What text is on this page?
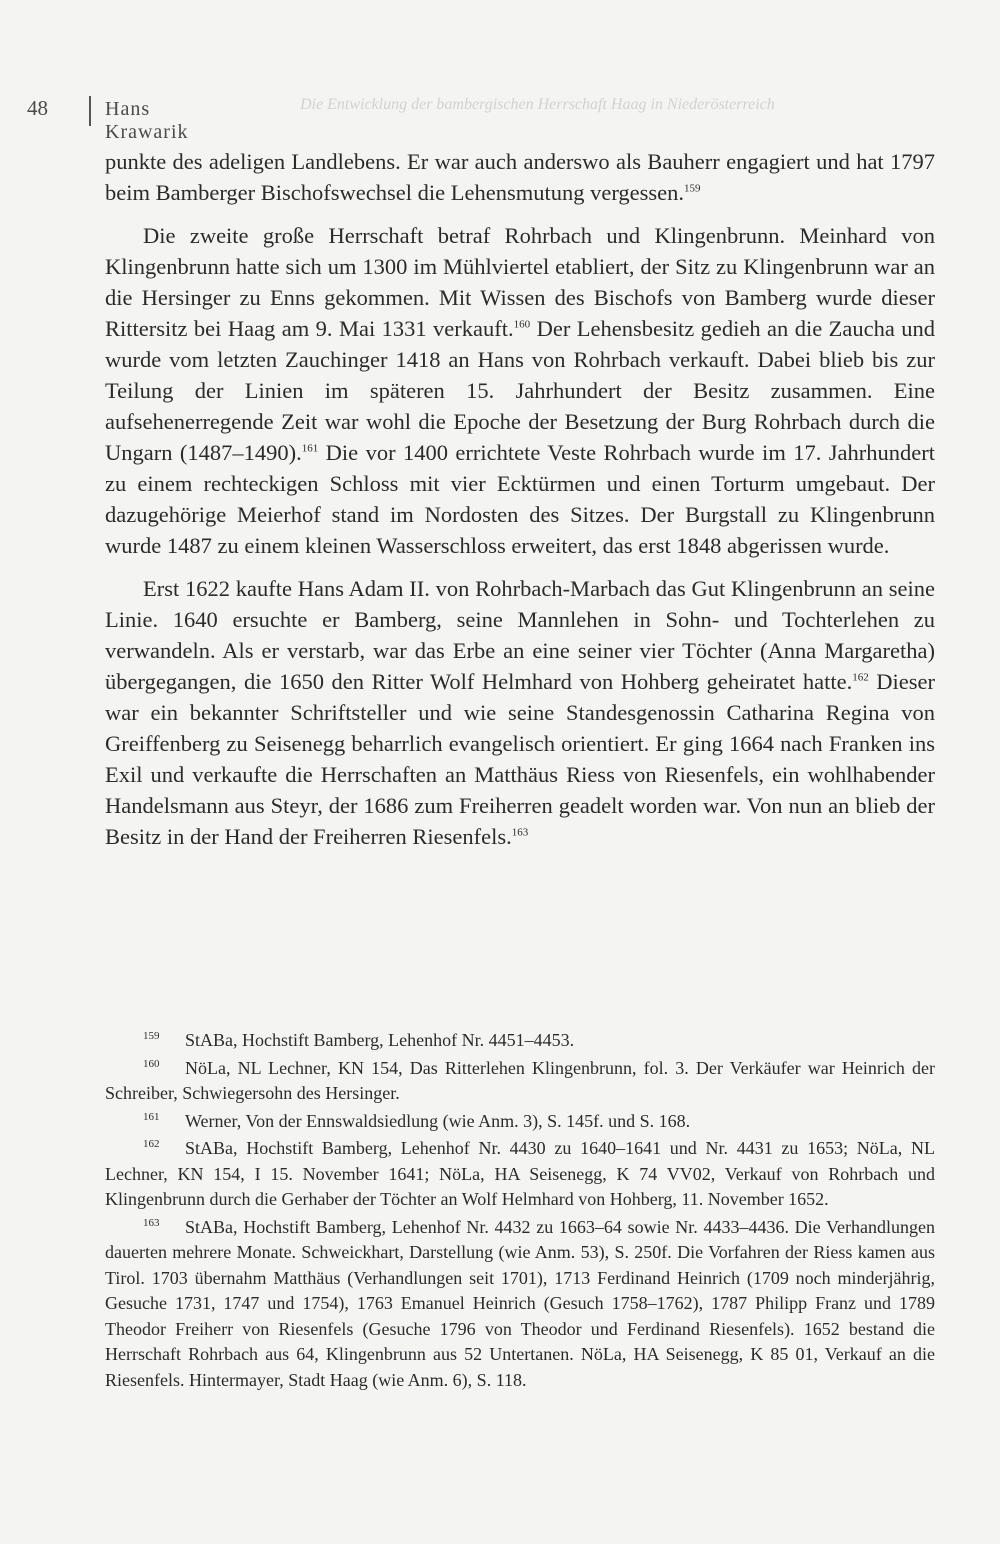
Die Entwicklung der bambergischen Herrschaft Haag in Niederösterreich
48	Hans Krawarik

punkte des adeligen Landlebens. Er war auch anderswo als Bauherr engagiert und hat 1797 beim Bamberger Bischofswechsel die Lehensmutung vergessen.$^{159}$

Die zweite große Herrschaft betraf Rohrbach und Klingenbrunn. Meinhard von Klingenbrunn hatte sich um 1300 im Mühlviertel etabliert, der Sitz zu Klingenbrunn war an die Hersinger zu Enns gekommen. Mit Wissen des Bischofs von Bamberg wurde dieser Rittersitz bei Haag am 9. Mai 1331 verkauft.$^{160}$ Der Lehensbesitz gedieh an die Zaucha und wurde vom letzten Zauchinger 1418 an Hans von Rohrbach verkauft. Dabei blieb bis zur Teilung der Linien im späteren 15. Jahrhundert der Besitz zusammen. Eine aufsehenerregende Zeit war wohl die Epoche der Besetzung der Burg Rohrbach durch die Ungarn (1487–1490).$^{161}$ Die vor 1400 errichtete Veste Rohrbach wurde im 17. Jahrhundert zu einem rechteckigen Schloss mit vier Ecktürmen und einen Torturm umgebaut. Der dazugehörige Meierhof stand im Nordosten des Sitzes. Der Burgstall zu Klingenbrunn wurde 1487 zu einem kleinen Wasserschloss erweitert, das erst 1848 abgerissen wurde.

Erst 1622 kaufte Hans Adam II. von Rohrbach-Marbach das Gut Klingenbrunn an seine Linie. 1640 ersuchte er Bamberg, seine Mannlehen in Sohn- und Tochterlehen zu verwandeln. Als er verstarb, war das Erbe an eine seiner vier Töchter (Anna Margaretha) übergegangen, die 1650 den Ritter Wolf Helmhard von Hohberg geheiratet hatte.$^{162}$ Dieser war ein bekannter Schriftsteller und wie seine Standesgenossin Catharina Regina von Greiffenberg zu Seisenegg beharrlich evangelisch orientiert. Er ging 1664 nach Franken ins Exil und verkaufte die Herrschaften an Matthäus Riess von Riesenfels, ein wohlhabender Handelsmann aus Steyr, der 1686 zum Freiherren geadelt worden war. Von nun an blieb der Besitz in der Hand der Freiherren Riesenfels.$^{163}$

159 StABa, Hochstift Bamberg, Lehenhof Nr. 4451–4453.
160 NöLa, NL Lechner, KN 154, Das Ritterlehen Klingenbrunn, fol. 3. Der Verkäufer war Heinrich der Schreiber, Schwiegersohn des Hersinger.
161 Werner, Von der Ennswaldsiedlung (wie Anm. 3), S. 145f. und S. 168.
162 StABa, Hochstift Bamberg, Lehenhof Nr. 4430 zu 1640–1641 und Nr. 4431 zu 1653; NöLa, NL Lechner, KN 154, I 15. November 1641; NöLa, HA Seisenegg, K 74 VV02, Verkauf von Rohrbach und Klingenbrunn durch die Gerhaber der Töchter an Wolf Helmhard von Hohberg, 11. November 1652.
163 StABa, Hochstift Bamberg, Lehenhof Nr. 4432 zu 1663–64 sowie Nr. 4433–4436. Die Verhandlungen dauerten mehrere Monate. Schweickhart, Darstellung (wie Anm. 53), S. 250f. Die Vorfahren der Riess kamen aus Tirol. 1703 übernahm Matthäus (Verhandlungen seit 1701), 1713 Ferdinand Heinrich (1709 noch minderjährig, Gesuche 1731, 1747 und 1754), 1763 Emanuel Heinrich (Gesuch 1758–1762), 1787 Philipp Franz und 1789 Theodor Freiherr von Riesenfels (Gesuche 1796 von Theodor und Ferdinand Riesenfels). 1652 bestand die Herrschaft Rohrbach aus 64, Klingenbrunn aus 52 Untertanen. NöLa, HA Seisenegg, K 85 01, Verkauf an die Riesenfels. Hintermayer, Stadt Haag (wie Anm. 6), S. 118.
